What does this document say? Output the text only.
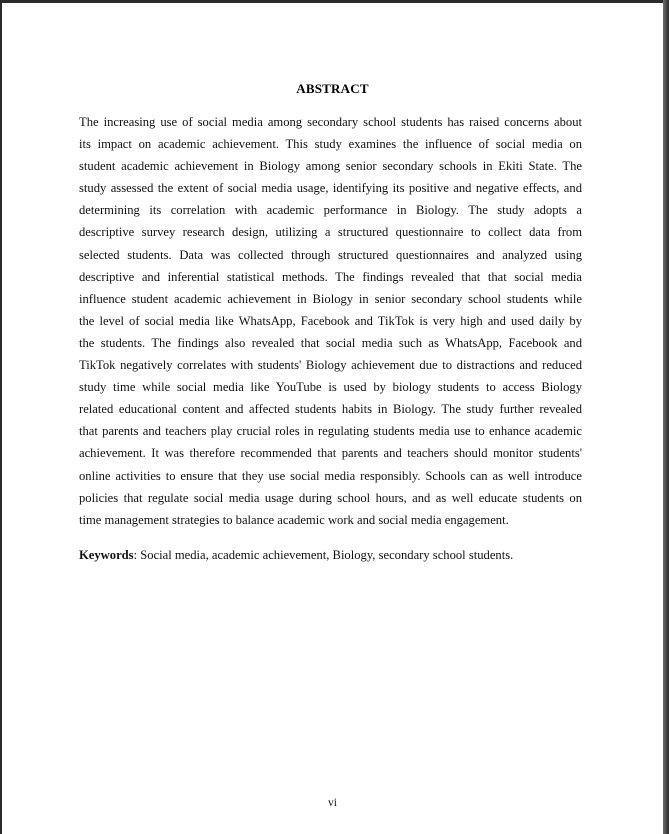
ABSTRACT
The increasing use of social media among secondary school students has raised concerns about
its impact on academic achievement. This study examines the influence of social media on
student academic achievement in Biology among senior secondary schools in Ekiti State. The
study assessed the extent of social media usage, identifying its positive and negative effects, and
determining its correlation with academic performance in Biology. The study adopts a
descriptive survey research design, utilizing a structured questionnaire to collect data from
selected students. Data was collected through structured questionnaires and analyzed using
descriptive and inferential statistical methods. The findings revealed that that social media
influence student academic achievement in Biology in senior secondary school students while
the level of social media like WhatsApp, Facebook and TikTok is very high and used daily by
the students. The findings also revealed that social media such as WhatsApp, Facebook and
TikTok negatively correlates with students' Biology achievement due to distractions and reduced
study time while social media like YouTube is used by biology students to access Biology
related educational content and affected students habits in Biology. The study further revealed
that parents and teachers play crucial roles in regulating students media use to enhance academic
achievement. It was therefore recommended that parents and teachers should monitor students'
online activities to ensure that they use social media responsibly. Schools can as well introduce
policies that regulate social media usage during school hours, and as well educate students on
time management strategies to balance academic work and social media engagement.
Keywords: Social media, academic achievement, Biology, secondary school students.
vi
